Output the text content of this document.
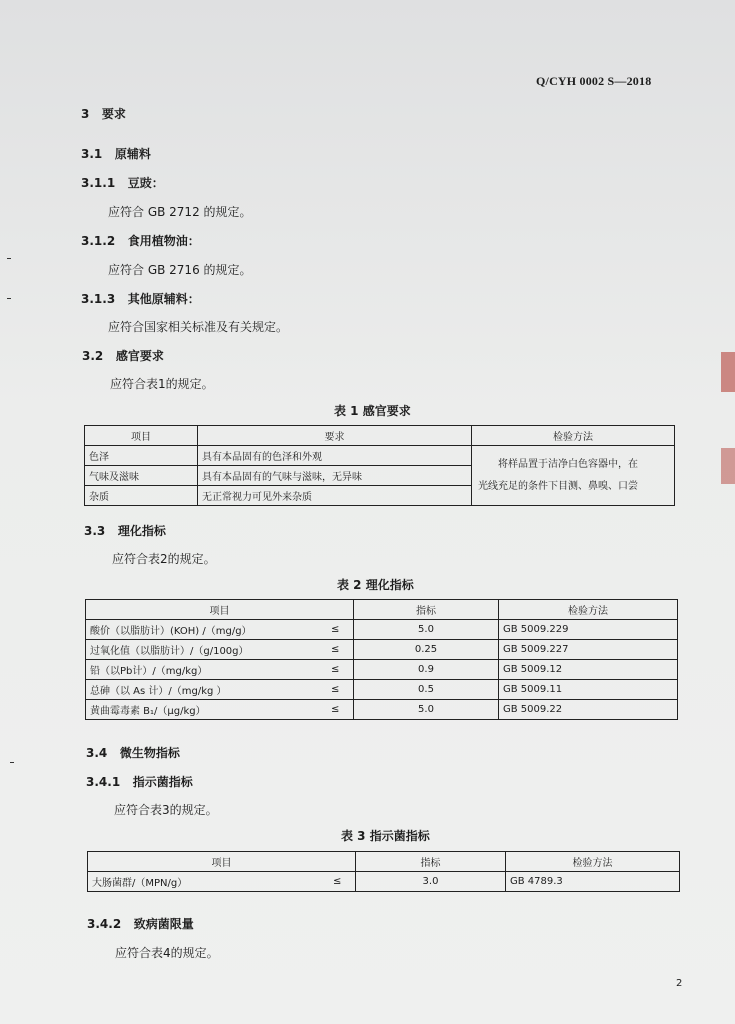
Q/CYH 0002 S—2018
3 要求
3.1 原辅料
3.1.1 豆豉：
应符合 GB 2712 的规定。
3.1.2 食用植物油：
应符合 GB 2716 的规定。
3.1.3 其他原辅料：
应符合国家相关标准及有关规定。
3.2 感官要求
应符合表1的规定。
表 1 感官要求
项目	要求	检验方法
色泽	具有本品固有的色泽和外观	将样品置于洁净白色容器中，在
光线充足的条件下目测、鼻嗅、口尝

气味及滋味	具有本品固有的气味与滋味，无异味	
杂质	无正常视力可见外来杂质	
3.3 理化指标
应符合表2的规定。
表 2 理化指标
项目		指标	检验方法
酸价（以脂肪计）(KOH) /（mg/g）	≤	5.0	GB 5009.229
过氧化值（以脂肪计）/（g/100g）	≤	0.25	GB 5009.227
铅（以Pb计）/（mg/kg）	≤	0.9	GB 5009.12
总砷（以 As 计）/（mg/kg ）	≤	0.5	GB 5009.11
黄曲霉毒素 B₁/（μg/kg）	≤	5.0	GB 5009.22
3.4 微生物指标
3.4.1 指示菌指标
应符合表3的规定。
表 3 指示菌指标
项目		指标	检验方法
大肠菌群/（MPN/g）	≤	3.0	GB 4789.3
3.4.2 致病菌限量
应符合表4的规定。
2
